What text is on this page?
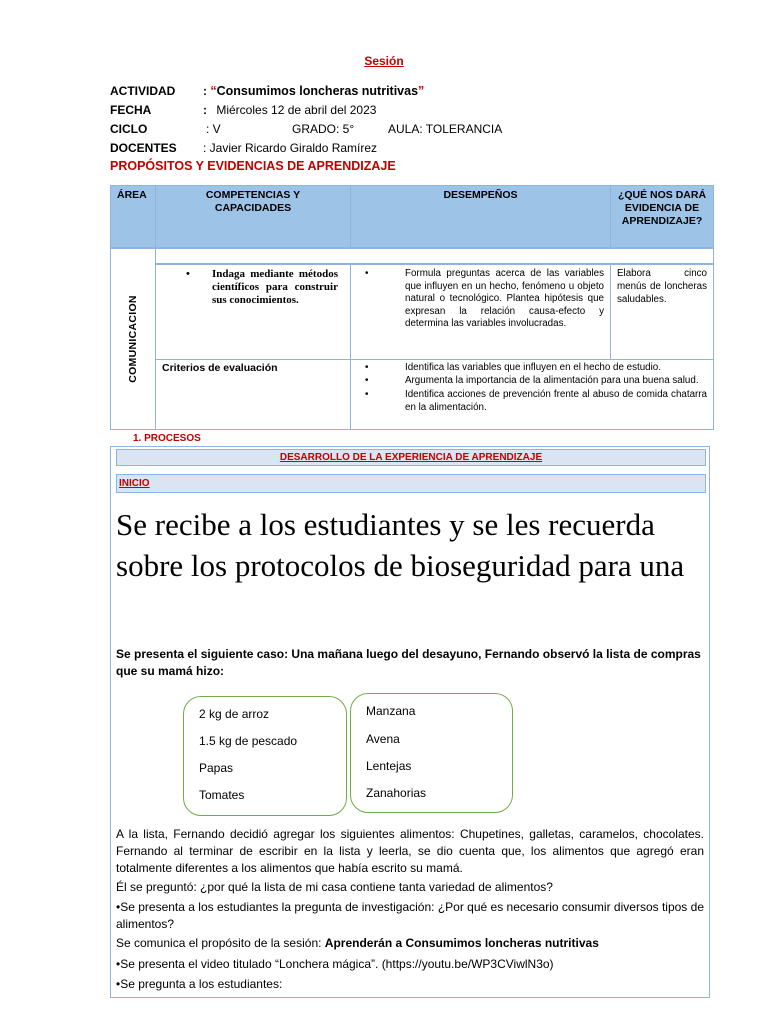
Sesión
ACTIVIDAD : “Consumimos loncheras nutritivas”
FECHA	: Miércoles 12 de abril del 2023
CICLO	: V	GRADO: 5°	AULA: TOLERANCIA
DOCENTES : Javier Ricardo Giraldo Ramírez
PROPÓSITOS Y EVIDENCIAS DE APRENDIZAJE
ÁREA	COMPETENCIAS Y CAPACIDADES
DESEMPEÑOS	¿QUÉ NOS DARÁ EVIDENCIA DE APRENDIZAJE?
COMUNICACION
• Indaga mediante métodos científicos para construir sus conocimientos.
• Formula preguntas acerca de las variables que influyen en un hecho, fenómeno u objeto natural o tecnológico. Plantea hipótesis que expresan la relación causa-efecto y determina las variables involucradas.
Elabora cinco menús de loncheras saludables.
Criterios de evaluación
•	Identifica las variables que influyen en el hecho de estudio.
• Argumenta la importancia de la alimentación para una buena salud.
• Identifica acciones de prevención frente al abuso de comida chatarra en la alimentación.
1. PROCESOS
DESARROLLO DE LA EXPERIENCIA DE APRENDIZAJE
INICIO
Se recibe a los estudiantes y se les recuerda sobre los protocolos de bioseguridad para una
Se presenta el siguiente caso: Una mañana luego del desayuno, Fernando observó la lista de compras que su mamá hizo:
2 kg de arroz
1.5 kg de pescado
Papas
Tomates
Manzana
Avena
Lentejas
Zanahorias
A la lista, Fernando decidió agregar los siguientes alimentos: Chupetines, galletas, caramelos, chocolates. Fernando al terminar de escribir en la lista y leerla, se dio cuenta que, los alimentos que agregó eran totalmente diferentes a los alimentos que había escrito su mamá.
Él se preguntó: ¿por qué la lista de mi casa contiene tanta variedad de alimentos?
•Se presenta a los estudiantes la pregunta de investigación: ¿Por qué es necesario consumir diversos tipos de alimentos?
Se comunica el propósito de la sesión: Aprenderán a Consumimos loncheras nutritivas
•Se presenta el video titulado “Lonchera mágica”. (https://youtu.be/WP3CViwlN3o)
•Se pregunta a los estudiantes:
